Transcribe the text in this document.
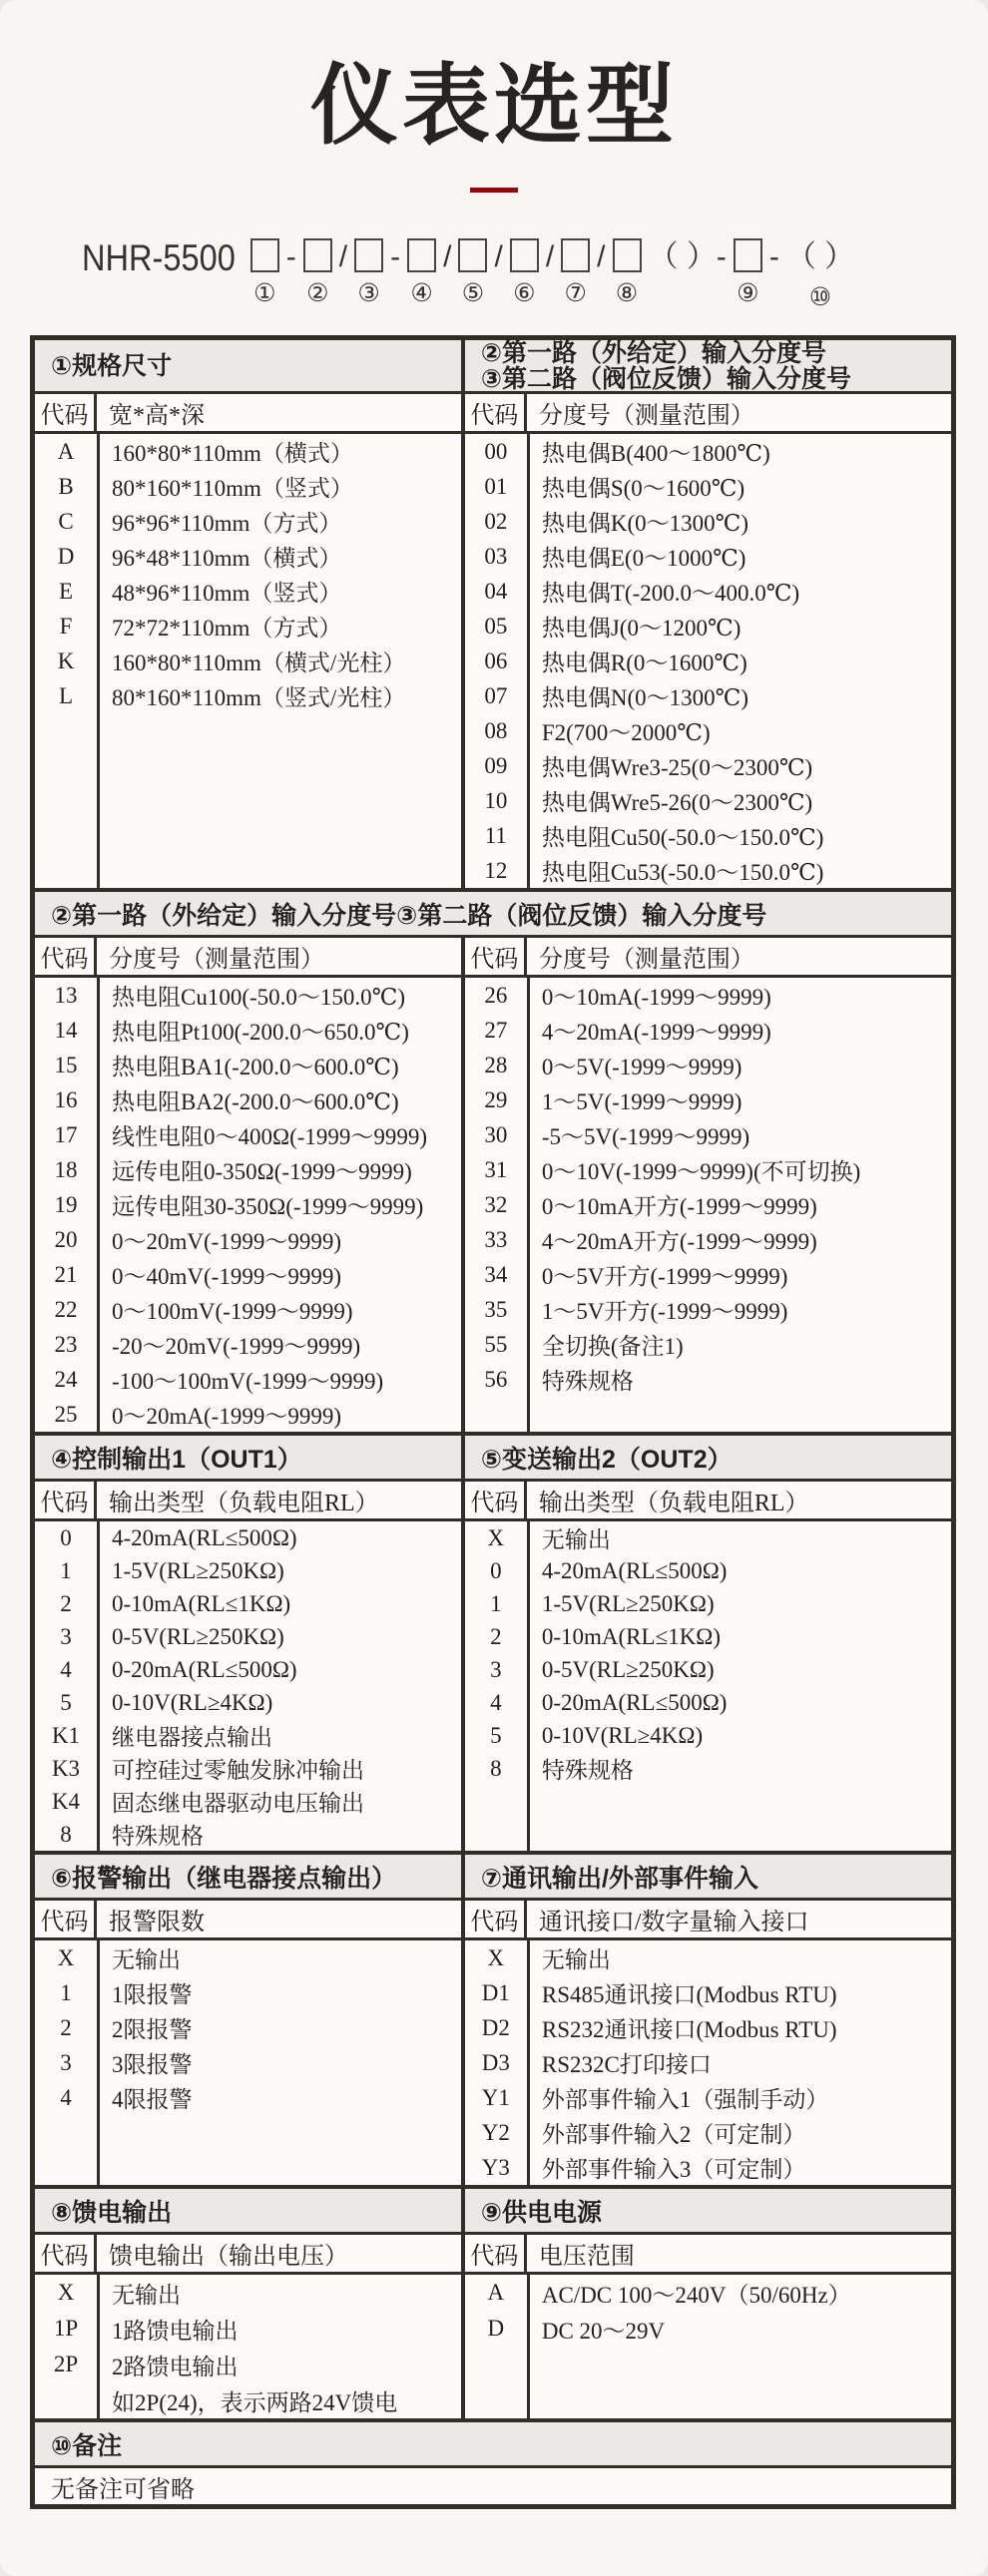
仪表选型
NHR-5500
①
-
②
/
③
-
④
/
⑤
/
⑥
/
⑦
/
⑧
（ ）-
⑨
- （ ）
⑩
①规格尺寸
代码 宽*高*深
A	160*80*110mm（横式）
B	80*160*110mm（竖式）
C	96*96*110mm（方式）
D	96*48*110mm（横式）
E	48*96*110mm（竖式）
F	72*72*110mm（方式）
K	160*80*110mm（横式/光柱）
L	80*160*110mm（竖式/光柱）
②第一路（外给定）输入分度号
③第二路（阀位反馈）输入分度号
代码 分度号（测量范围）
00	热电偶B(400～1800℃)
01	热电偶S(0～1600℃)
02	热电偶K(0～1300℃)
03	热电偶E(0～1000℃)
04	热电偶T(-200.0～400.0℃)
05	热电偶J(0～1200℃)
06	热电偶R(0～1600℃)
07	热电偶N(0～1300℃)
08	F2(700～2000℃)
09	热电偶Wre3-25(0～2300℃)
10	热电偶Wre5-26(0～2300℃)
11	热电阻Cu50(-50.0～150.0℃)
12	热电阻Cu53(-50.0～150.0℃)
②第一路（外给定）输入分度号③第二路（阀位反馈）输入分度号
代码 分度号（测量范围）
13	热电阻Cu100(-50.0～150.0℃)
14	热电阻Pt100(-200.0～650.0℃)
15	热电阻BA1(-200.0～600.0℃)
16	热电阻BA2(-200.0～600.0℃)
17	线性电阻0～400Ω(-1999～9999)
18	远传电阻0-350Ω(-1999～9999)
19	远传电阻30-350Ω(-1999～9999)
20	0～20mV(-1999～9999)
21	0～40mV(-1999～9999)
22	0～100mV(-1999～9999)
23	-20～20mV(-1999～9999)
24	-100～100mV(-1999～9999)
25	0～20mA(-1999～9999)
代码 分度号（测量范围）
26	0～10mA(-1999～9999)
27	4～20mA(-1999～9999)
28	0～5V(-1999～9999)
29	1～5V(-1999～9999)
30	-5～5V(-1999～9999)
31	0～10V(-1999～9999)(不可切换)
32	0～10mA开方(-1999～9999)
33	4～20mA开方(-1999～9999)
34	0～5V开方(-1999～9999)
35	1～5V开方(-1999～9999)
55	全切换(备注1)
56	特殊规格
④控制输出1（OUT1）
代码 输出类型（负载电阻RL）
0	4-20mA(RL≤500Ω)
1	1-5V(RL≥250KΩ)
2	0-10mA(RL≤1KΩ)
3	0-5V(RL≥250KΩ)
4	0-20mA(RL≤500Ω)
5	0-10V(RL≥4KΩ)
K1	继电器接点输出
K3	可控硅过零触发脉冲输出
K4	固态继电器驱动电压输出
8	特殊规格
⑤变送输出2（OUT2）
代码 输出类型（负载电阻RL）
X	无输出
0	4-20mA(RL≤500Ω)
1	1-5V(RL≥250KΩ)
2	0-10mA(RL≤1KΩ)
3	0-5V(RL≥250KΩ)
4	0-20mA(RL≤500Ω)
5	0-10V(RL≥4KΩ)
8	特殊规格
⑥报警输出（继电器接点输出）
代码 报警限数
X	无输出
1	1限报警
2	2限报警
3	3限报警
4	4限报警
⑦通讯输出/外部事件输入
代码 通讯接口/数字量输入接口
X	无输出
D1	RS485通讯接口(Modbus RTU)
D2	RS232通讯接口(Modbus RTU)
D3	RS232C打印接口
Y1	外部事件输入1（强制手动）
Y2	外部事件输入2（可定制）
Y3	外部事件输入3（可定制）
⑧馈电输出
代码 馈电输出（输出电压）
X	无输出
1P	1路馈电输出
2P	2路馈电输出
如2P(24)，表示两路24V馈电
⑨供电电源
代码 电压范围
A	AC/DC 100～240V（50/60Hz）
D	DC 20～29V
⑩备注
无备注可省略
